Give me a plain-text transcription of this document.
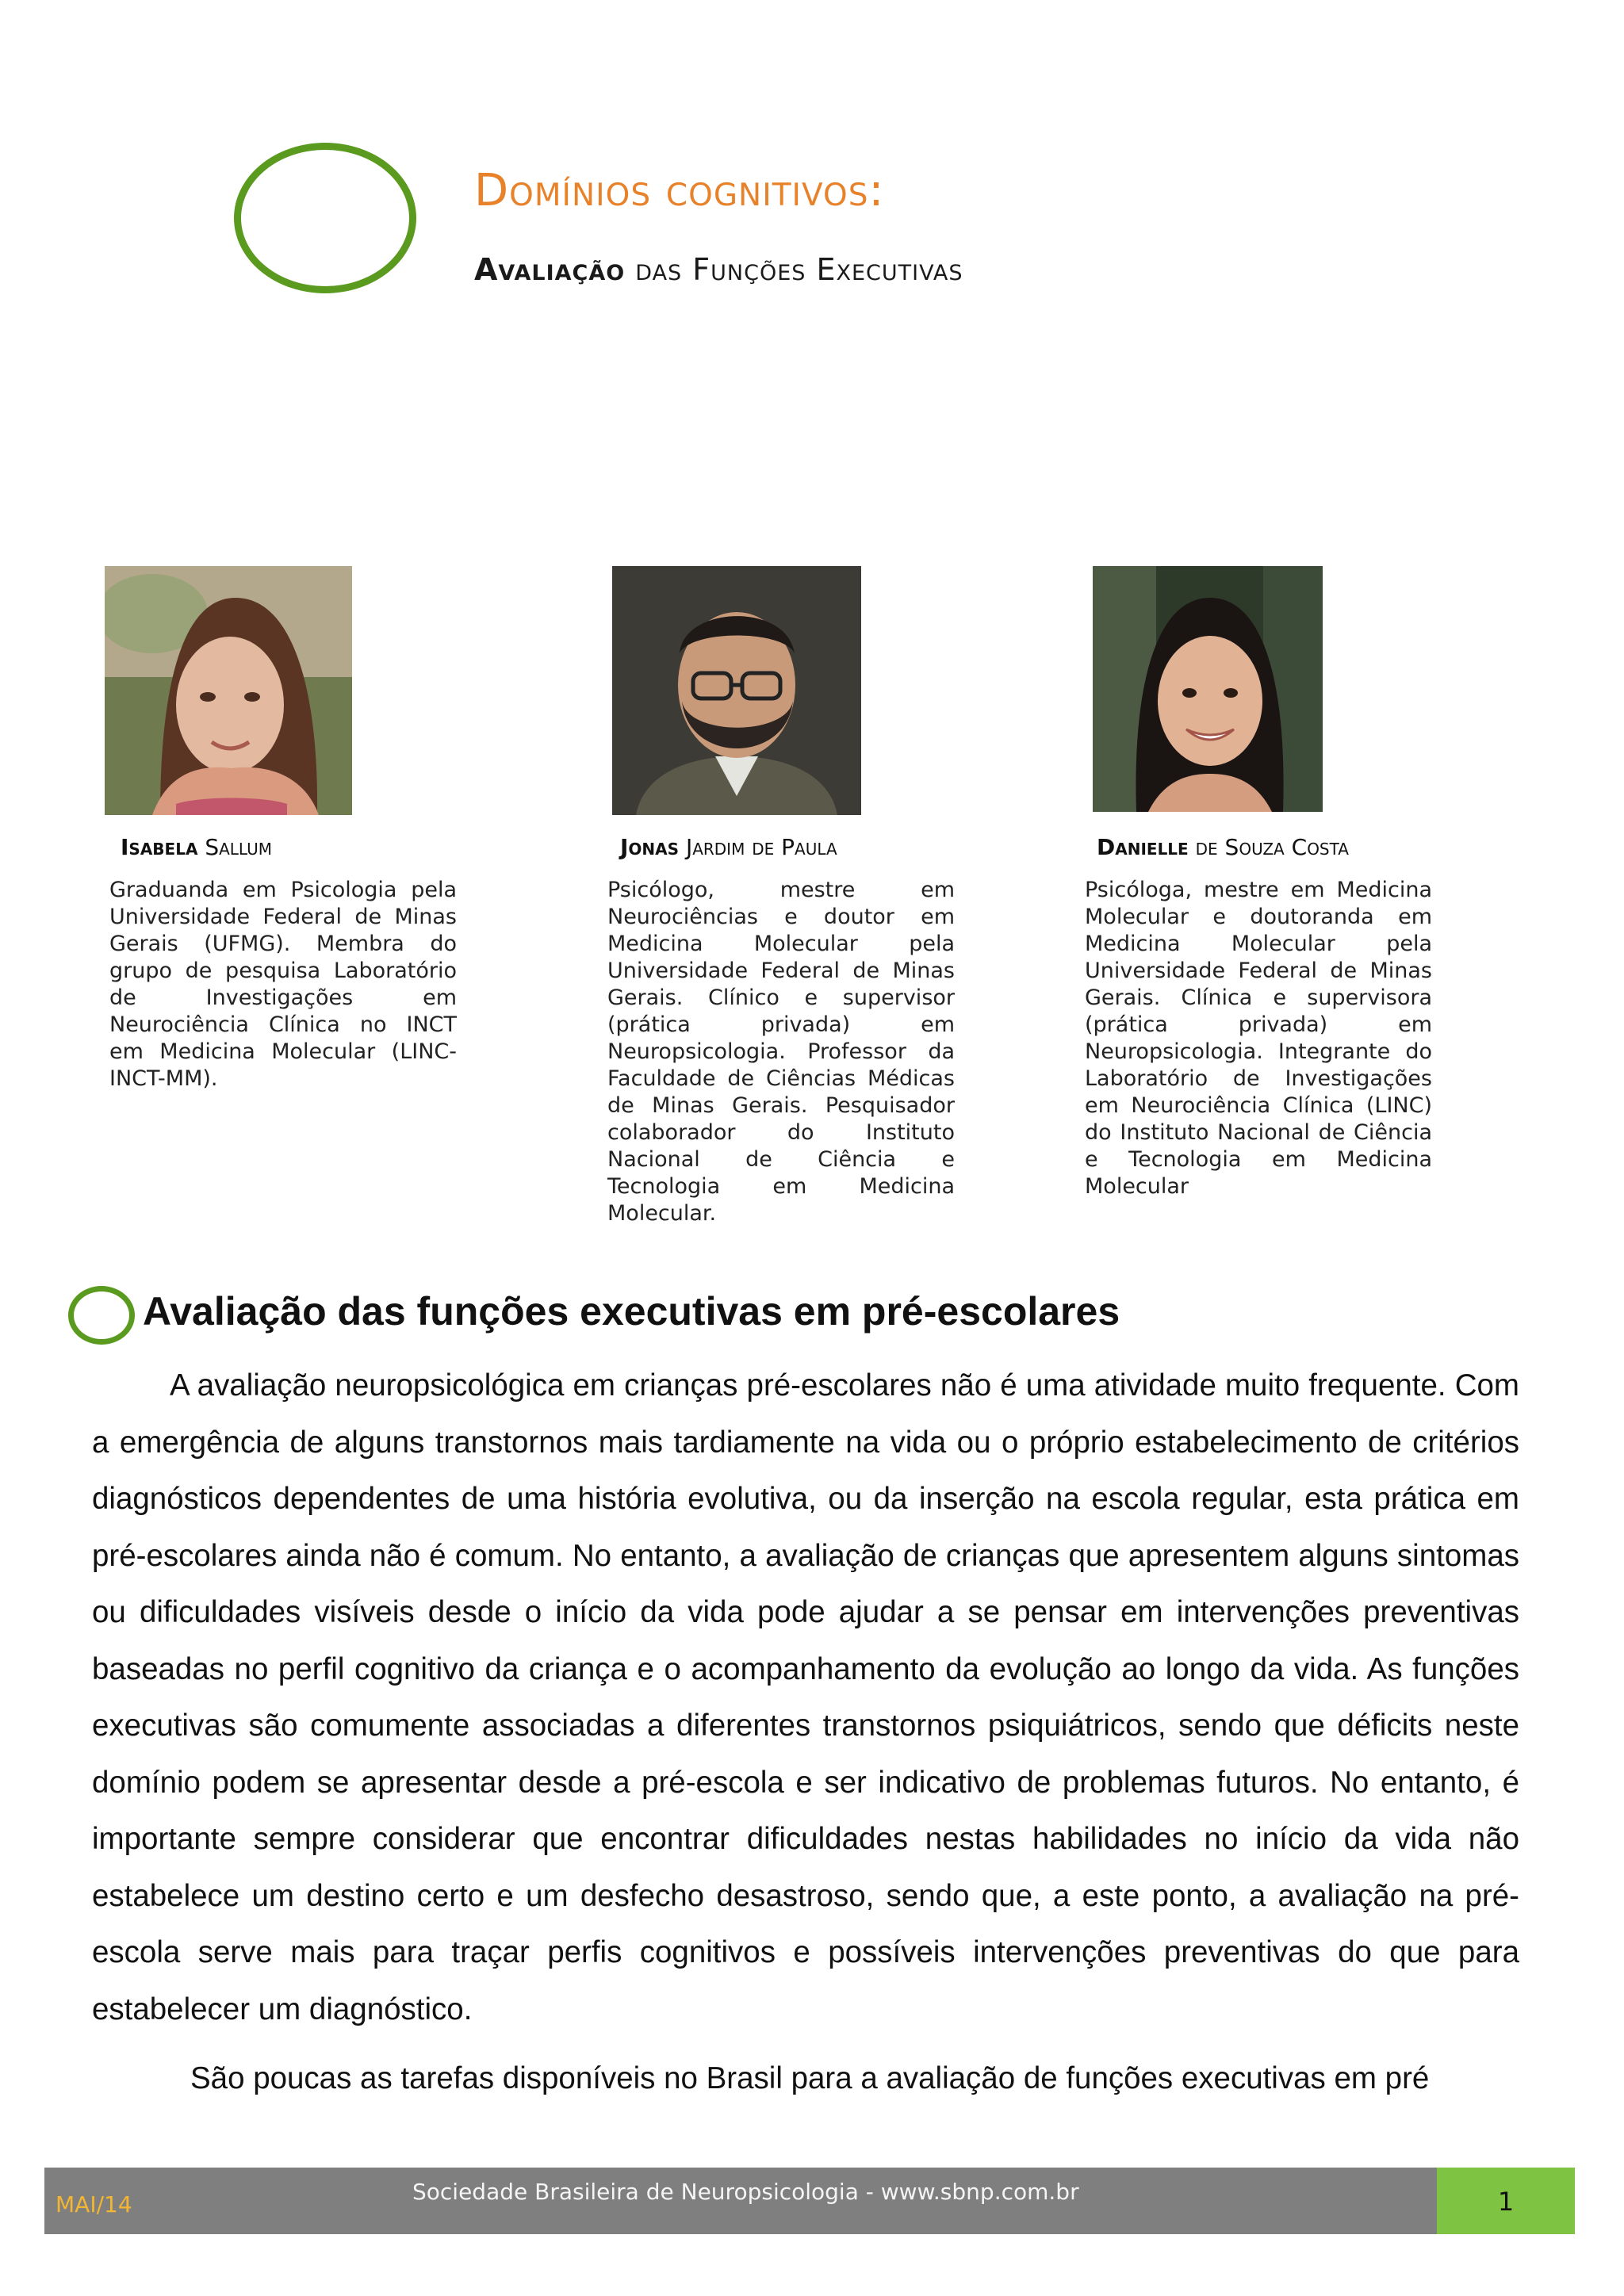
Domínios cognitivos:
Avaliação das Funções Executivas
Isabela Sallum	Jonas Jardim de Paula	Danielle de Souza Costa
Graduanda em Psicologia pela Universidade Federal de Minas Gerais (UFMG). Membra do grupo de pesquisa Laboratório de Investigações em Neurociência Clínica no INCT em Medicina Molecular (LINC-INCT-MM).
Psicólogo, mestre em Neurociências e doutor em Medicina Molecular pela Universidade Federal de Minas Gerais. Clínico e supervisor (prática privada) em Neuropsicologia. Professor da Faculdade de Ciências Médicas de Minas Gerais. Pesquisador colaborador do Instituto Nacional de Ciência e Tecnologia em Medicina Molecular.
Psicóloga, mestre em Medicina Molecular e doutoranda em Medicina Molecular pela Universidade Federal de Minas Gerais. Clínica e supervisora (prática privada) em Neuropsicologia. Integrante do Laboratório de Investigações em Neurociência Clínica (LINC) do Instituto Nacional de Ciência e Tecnologia em Medicina Molecular
Avaliação das funções executivas em pré-escolares
A avaliação neuropsicológica em crianças pré-escolares não é uma atividade muito frequente. Com a emergência de alguns transtornos mais tardiamente na vida ou o próprio estabelecimento de critérios diagnósticos dependentes de uma história evolutiva, ou da inserção na escola regular, esta prática em pré-escolares ainda não é comum. No entanto, a avaliação de crianças que apresentem alguns sintomas ou dificuldades visíveis desde o início da vida pode ajudar a se pensar em intervenções preventivas baseadas no perfil cognitivo da criança e o acompanhamento da evolução ao longo da vida. As funções executivas são comumente associadas a diferentes transtornos psiquiátricos, sendo que déficits neste domínio podem se apresentar desde a pré-escola e ser indicativo de problemas futuros. No entanto, é importante sempre considerar que encontrar dificuldades nestas habilidades no início da vida não estabelece um destino certo e um desfecho desastroso, sendo que, a este ponto, a avaliação na pré-escola serve mais para traçar perfis cognitivos e possíveis intervenções preventivas do que para estabelecer um diagnóstico.
São poucas as tarefas disponíveis no Brasil para a avaliação de funções executivas em pré
MAI/14	Sociedade Brasileira de Neuropsicologia - www.sbnp.com.br	1
